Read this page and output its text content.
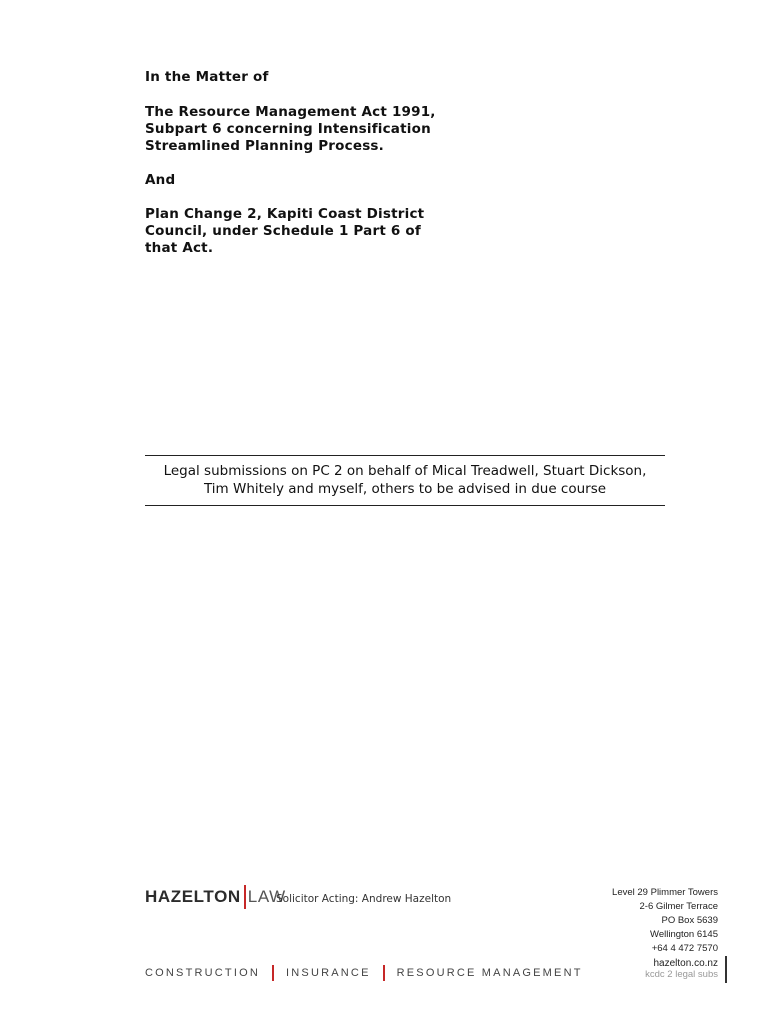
In the Matter of
The Resource Management Act 1991,
Subpart 6 concerning Intensification
Streamlined Planning Process.
And
Plan Change 2, Kapiti Coast District
Council, under Schedule 1 Part 6 of
that Act.
Legal submissions on PC 2 on behalf of Mical Treadwell, Stuart Dickson,
Tim Whitely and myself, others to be advised in due course
HAZELTON LAW
Solicitor Acting: Andrew Hazelton
CONSTRUCTION INSURANCE RESOURCE MANAGEMENT
Level 29 Plimmer Towers
2-6 Gilmer Terrace
PO Box 5639
Wellington 6145
+64 4 472 7570
hazelton.co.nz
kcdc 2 legal subs
